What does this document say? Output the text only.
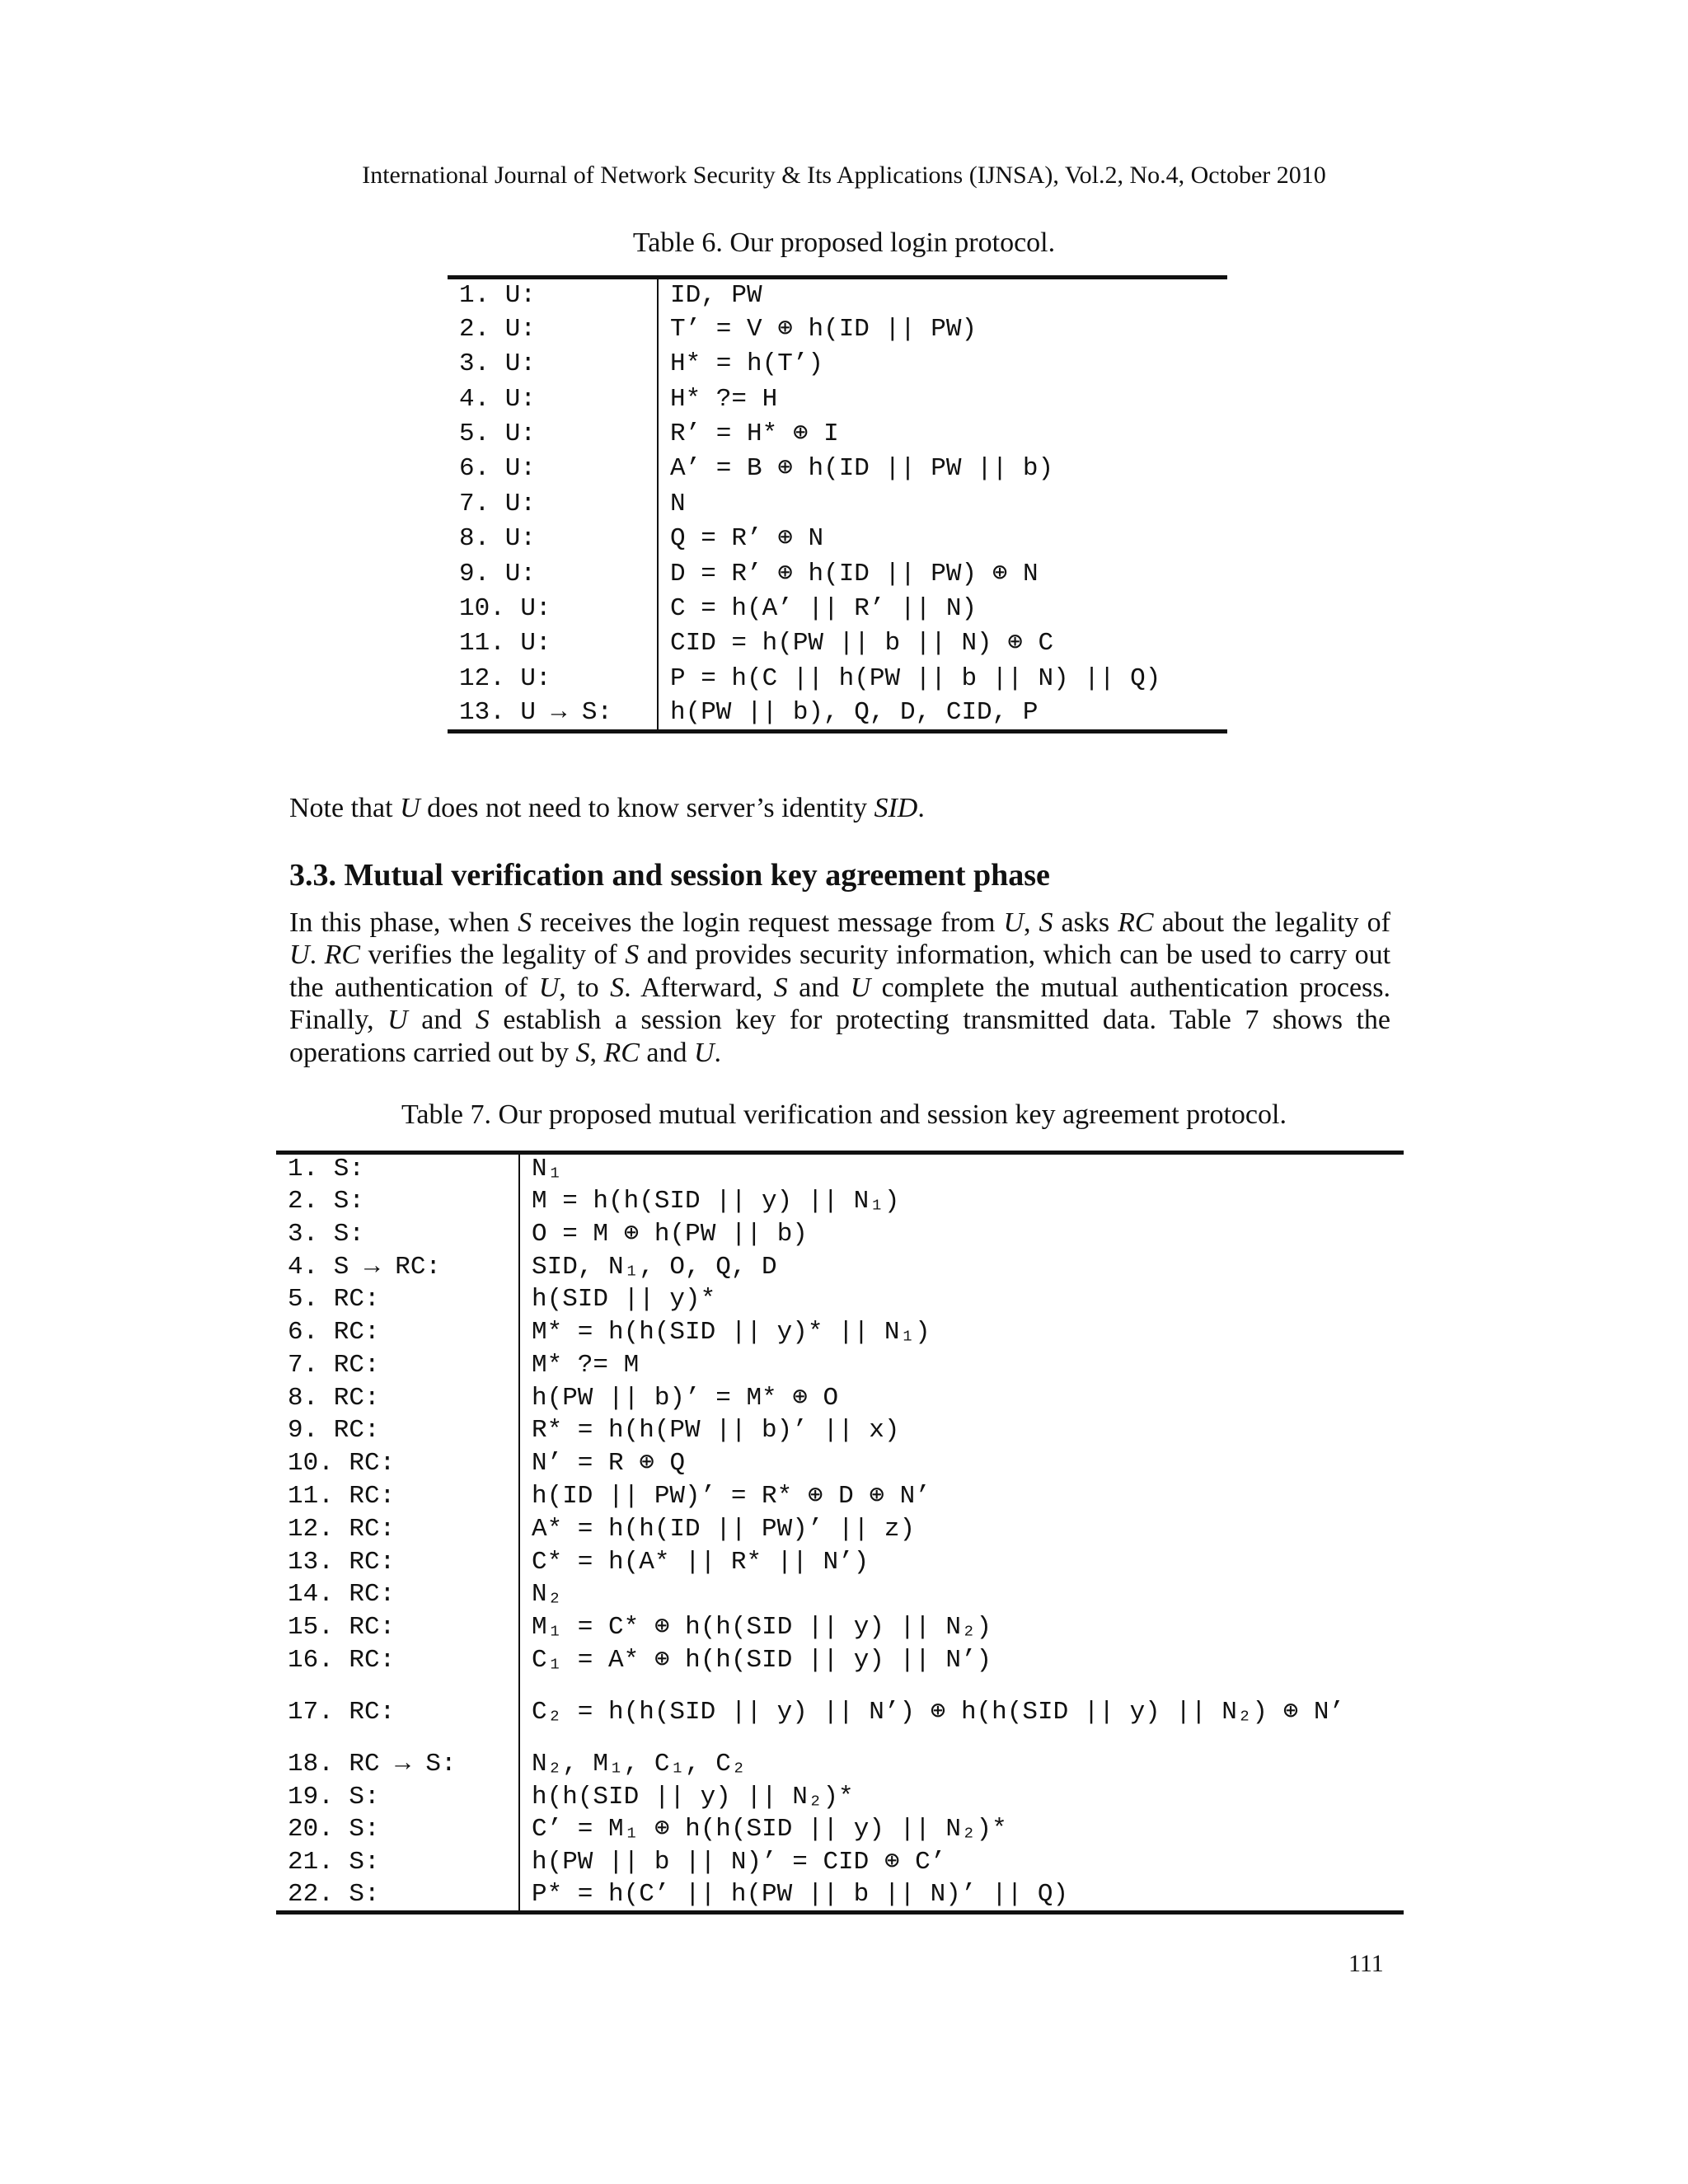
International Journal of Network Security & Its Applications (IJNSA), Vol.2, No.4, October 2010
Table 6. Our proposed login protocol.
1. U:	ID, PW
2. U:	T’ = V ⊕ h(ID || PW)
3. U:	H* = h(T’)
4. U:	H* ?= H
5. U:	R’ = H* ⊕ I
6. U:	A’ = B ⊕ h(ID || PW || b)
7. U:	N
8. U:	Q = R’ ⊕ N
9. U:	D = R’ ⊕ h(ID || PW) ⊕ N
10. U:	C = h(A’ || R’ || N)
11. U:	CID = h(PW || b || N) ⊕ C
12. U:	P = h(C || h(PW || b || N) || Q)
13. U → S:	h(PW || b), Q, D, CID, P
Note that U does not need to know server’s identity SID.
3.3. Mutual verification and session key agreement phase
In this phase, when S receives the login request message from U, S asks RC about the legality of U. RC verifies the legality of S and provides security information, which can be used to carry out the authentication of U, to S. Afterward, S and U complete the mutual authentication process. Finally, U and S establish a session key for protecting transmitted data. Table 7 shows the operations carried out by S, RC and U.
Table 7. Our proposed mutual verification and session key agreement protocol.
1. S:	N₁
2. S:	M = h(h(SID || y) || N₁)
3. S:	O = M ⊕ h(PW || b)
4. S → RC:	SID, N₁, O, Q, D
5. RC:	h(SID || y)*
6. RC:	M* = h(h(SID || y)* || N₁)
7. RC:	M* ?= M
8. RC:	h(PW || b)’ = M* ⊕ O
9. RC:	R* = h(h(PW || b)’ || x)
10. RC:	N’ = R ⊕ Q
11. RC:	h(ID || PW)’ = R* ⊕ D ⊕ N’
12. RC:	A* = h(h(ID || PW)’ || z)
13. RC:	C* = h(A* || R* || N’)
14. RC:	N₂
15. RC:	M₁ = C* ⊕ h(h(SID || y) || N₂)
16. RC:	C₁ = A* ⊕ h(h(SID || y) || N’)
17. RC:	C₂ = h(h(SID || y) || N’) ⊕ h(h(SID || y) || N₂) ⊕ N’
18. RC → S:	N₂, M₁, C₁, C₂
19. S:	h(h(SID || y) || N₂)*
20. S:	C’ = M₁ ⊕ h(h(SID || y) || N₂)*
21. S:	h(PW || b || N)’ = CID ⊕ C’
22. S:	P* = h(C’ || h(PW || b || N)’ || Q)
111
